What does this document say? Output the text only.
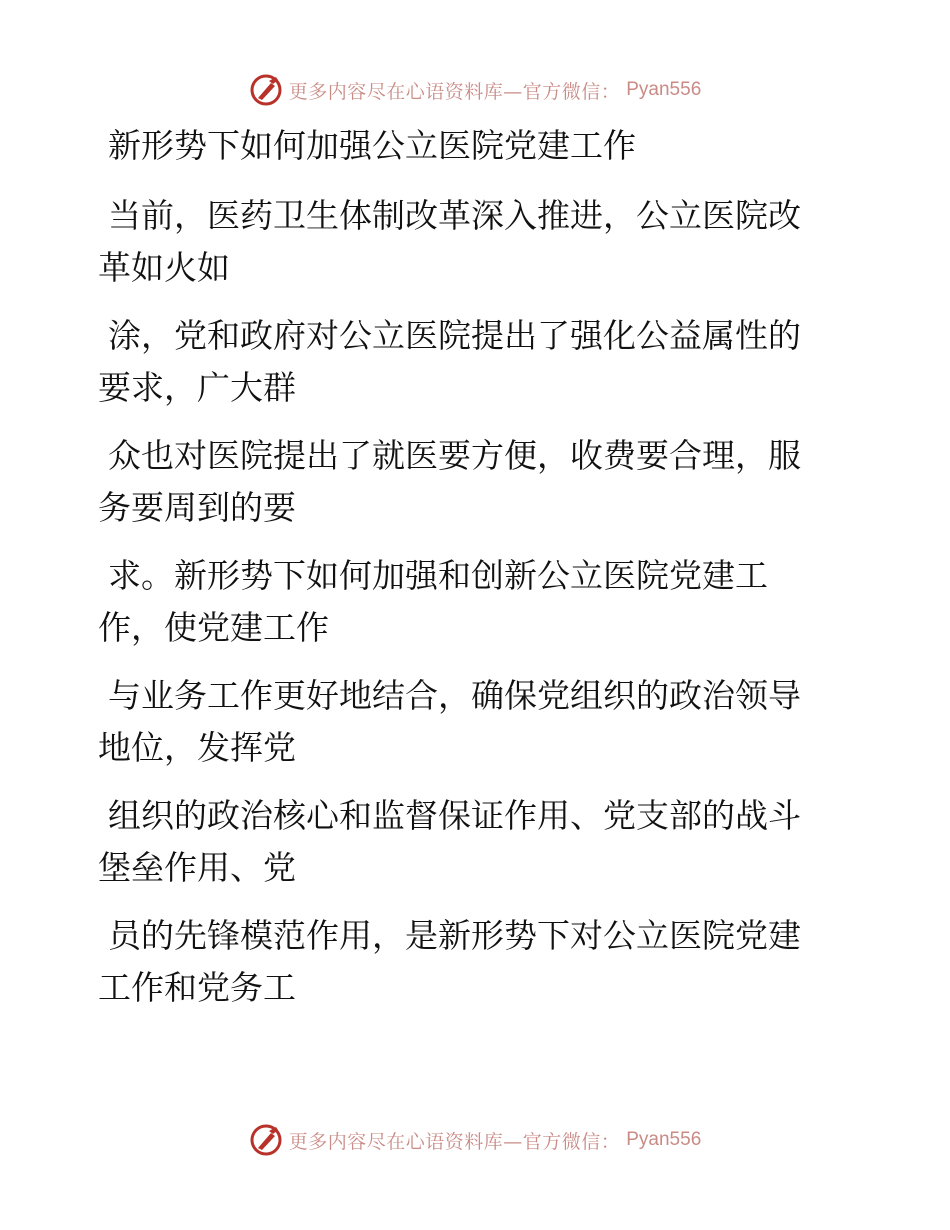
更多内容尽在心语资料库—官方微信： Pyan556
新形势下如何加强公立医院党建工作
当前，医药卫生体制改革深入推进，公立医院改
革如火如
涂，党和政府对公立医院提出了强化公益属性的
要求，广大群
众也对医院提出了就医要方便，收费要合理，服
务要周到的要
求。新形势下如何加强和创新公立医院党建工
作，使党建工作
与业务工作更好地结合，确保党组织的政治领导
地位，发挥党
组织的政治核心和监督保证作用、党支部的战斗
堡垒作用、党
员的先锋模范作用，是新形势下对公立医院党建
工作和党务工
更多内容尽在心语资料库—官方微信： Pyan556
